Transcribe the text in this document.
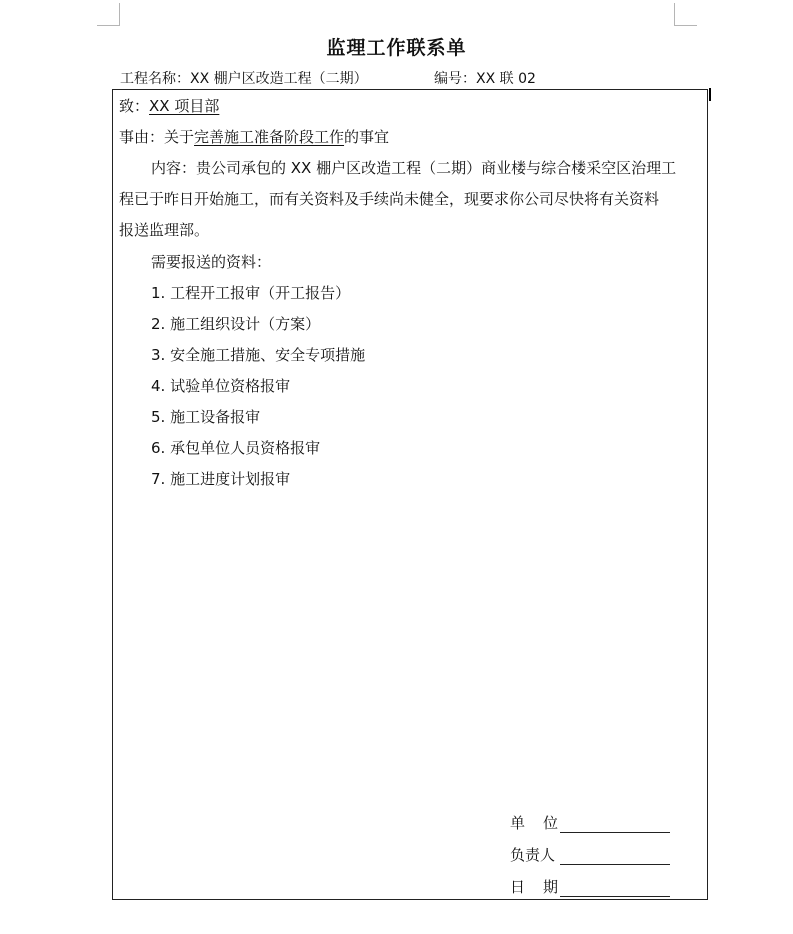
监理工作联系单
工程名称：XX 棚户区改造工程（二期）	编号：XX 联 02
致：XX 项目部
事由：关于完善施工准备阶段工作的事宜
内容：贵公司承包的 XX 棚户区改造工程（二期）商业楼与综合楼采空区治理工
程已于昨日开始施工，而有关资料及手续尚未健全，现要求你公司尽快将有关资料
报送监理部。
需要报送的资料：
1. 工程开工报审（开工报告）
2. 施工组织设计（方案）
3. 安全施工措施、安全专项措施
4. 试验单位资格报审
5. 施工设备报审
6. 承包单位人员资格报审
7. 施工进度计划报审
单位
负责人
日期
